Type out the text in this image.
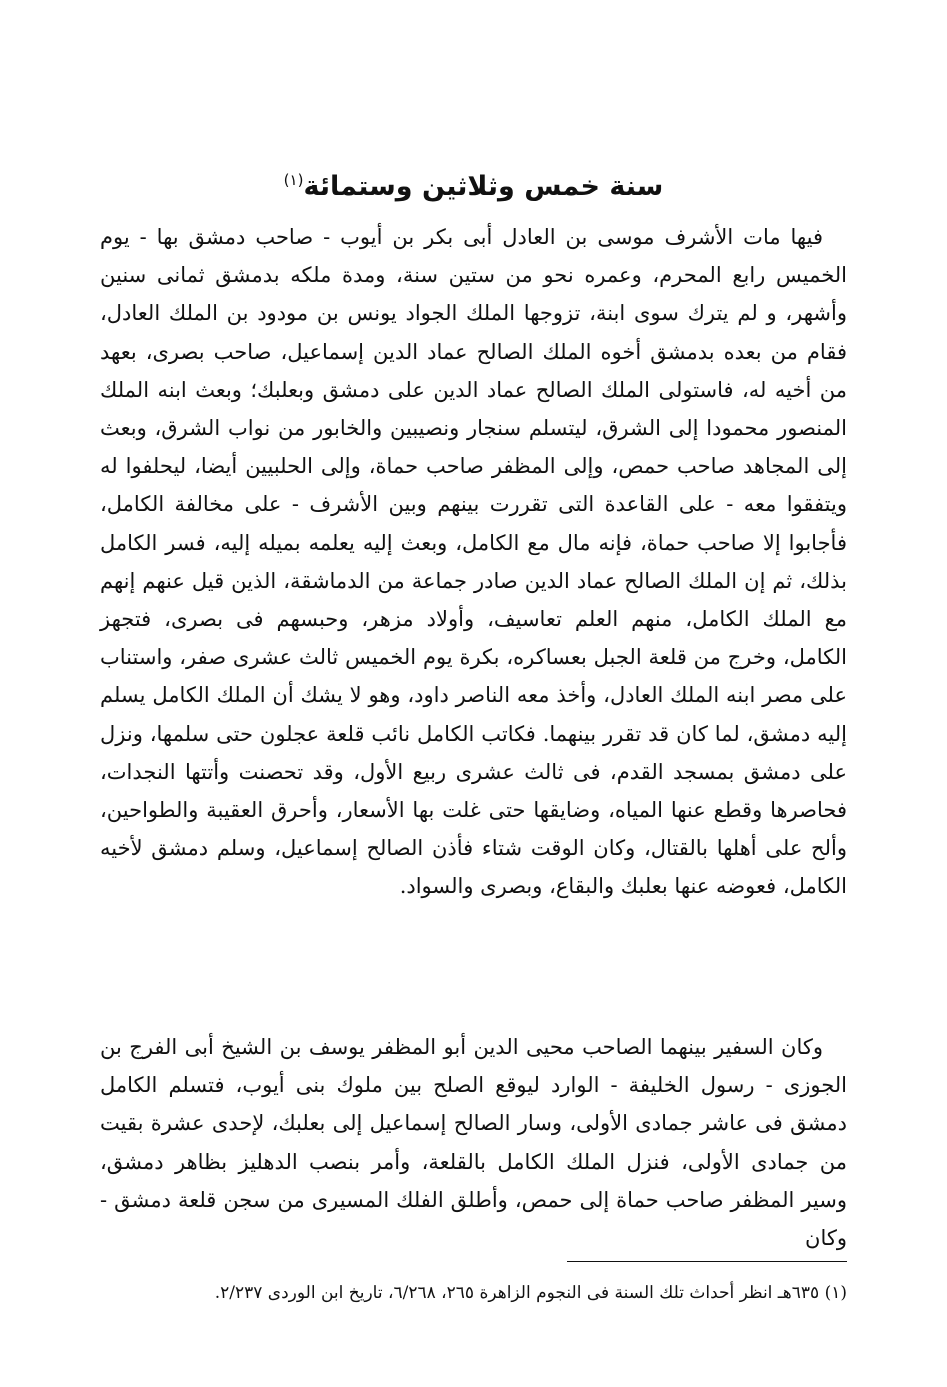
سنة خمس وثلاثين وستمائة$^{(١)}$

فيها مات الأشرف موسى بن العادل أبى بكر بن أيوب - صاحب دمشق بها - يوم الخميس رابع المحرم، وعمره نحو من ستين سنة، ومدة ملكه بدمشق ثمانى سنين وأشهر، و لم يترك سوى ابنة، تزوجها الملك الجواد يونس بن مودود بن الملك العادل، فقام من بعده بدمشق أخوه الملك الصالح عماد الدين إسماعيل، صاحب بصرى، بعهد من أخيه له، فاستولى الملك الصالح عماد الدين على دمشق وبعلبك؛ وبعث ابنه الملك المنصور محمودا إلى الشرق، ليتسلم سنجار ونصيبين والخابور من نواب الشرق، وبعث إلى المجاهد صاحب حمص، وإلى المظفر صاحب حماة، وإلى الحلبيين أيضا، ليحلفوا له ويتفقوا معه - على القاعدة التى تقررت بينهم وبين الأشرف - على مخالفة الكامل، فأجابوا إلا صاحب حماة، فإنه مال مع الكامل، وبعث إليه يعلمه بميله إليه، فسر الكامل بذلك، ثم إن الملك الصالح عماد الدين صادر جماعة من الدماشقة، الذين قيل عنهم إنهم مع الملك الكامل، منهم العلم تعاسيف، وأولاد مزهر، وحبسهم فى بصرى، فتجهز الكامل، وخرج من قلعة الجبل بعساكره، بكرة يوم الخميس ثالث عشرى صفر، واستناب على مصر ابنه الملك العادل، وأخذ معه الناصر داود، وهو لا يشك أن الملك الكامل يسلم إليه دمشق، لما كان قد تقرر بينهما. فكاتب الكامل نائب قلعة عجلون حتى سلمها، ونزل على دمشق بمسجد القدم، فى ثالث عشرى ربيع الأول، وقد تحصنت وأتتها النجدات، فحاصرها وقطع عنها المياه، وضايقها حتى غلت بها الأسعار، وأحرق العقيبة والطواحين، وألح على أهلها بالقتال، وكان الوقت شتاء فأذن الصالح إسماعيل، وسلم دمشق لأخيه الكامل، فعوضه عنها بعلبك والبقاع، وبصرى والسواد.

وكان السفير بينهما الصاحب محيى الدين أبو المظفر يوسف بن الشيخ أبى الفرج بن الجوزى - رسول الخليفة - الوارد ليوقع الصلح بين ملوك بنى أيوب، فتسلم الكامل دمشق فى عاشر جمادى الأولى، وسار الصالح إسماعيل إلى بعلبك، لإحدى عشرة بقيت من جمادى الأولى، فنزل الملك الكامل بالقلعة، وأمر بنصب الدهليز بظاهر دمشق، وسير المظفر صاحب حماة إلى حمص، وأطلق الفلك المسيرى من سجن قلعة دمشق - وكان

(١) ٦٣٥هـ انظر أحداث تلك السنة فى النجوم الزاهرة ٢٦٥، ٦/٢٦٨، تاريخ ابن الوردى ٢/٢٣٧.
